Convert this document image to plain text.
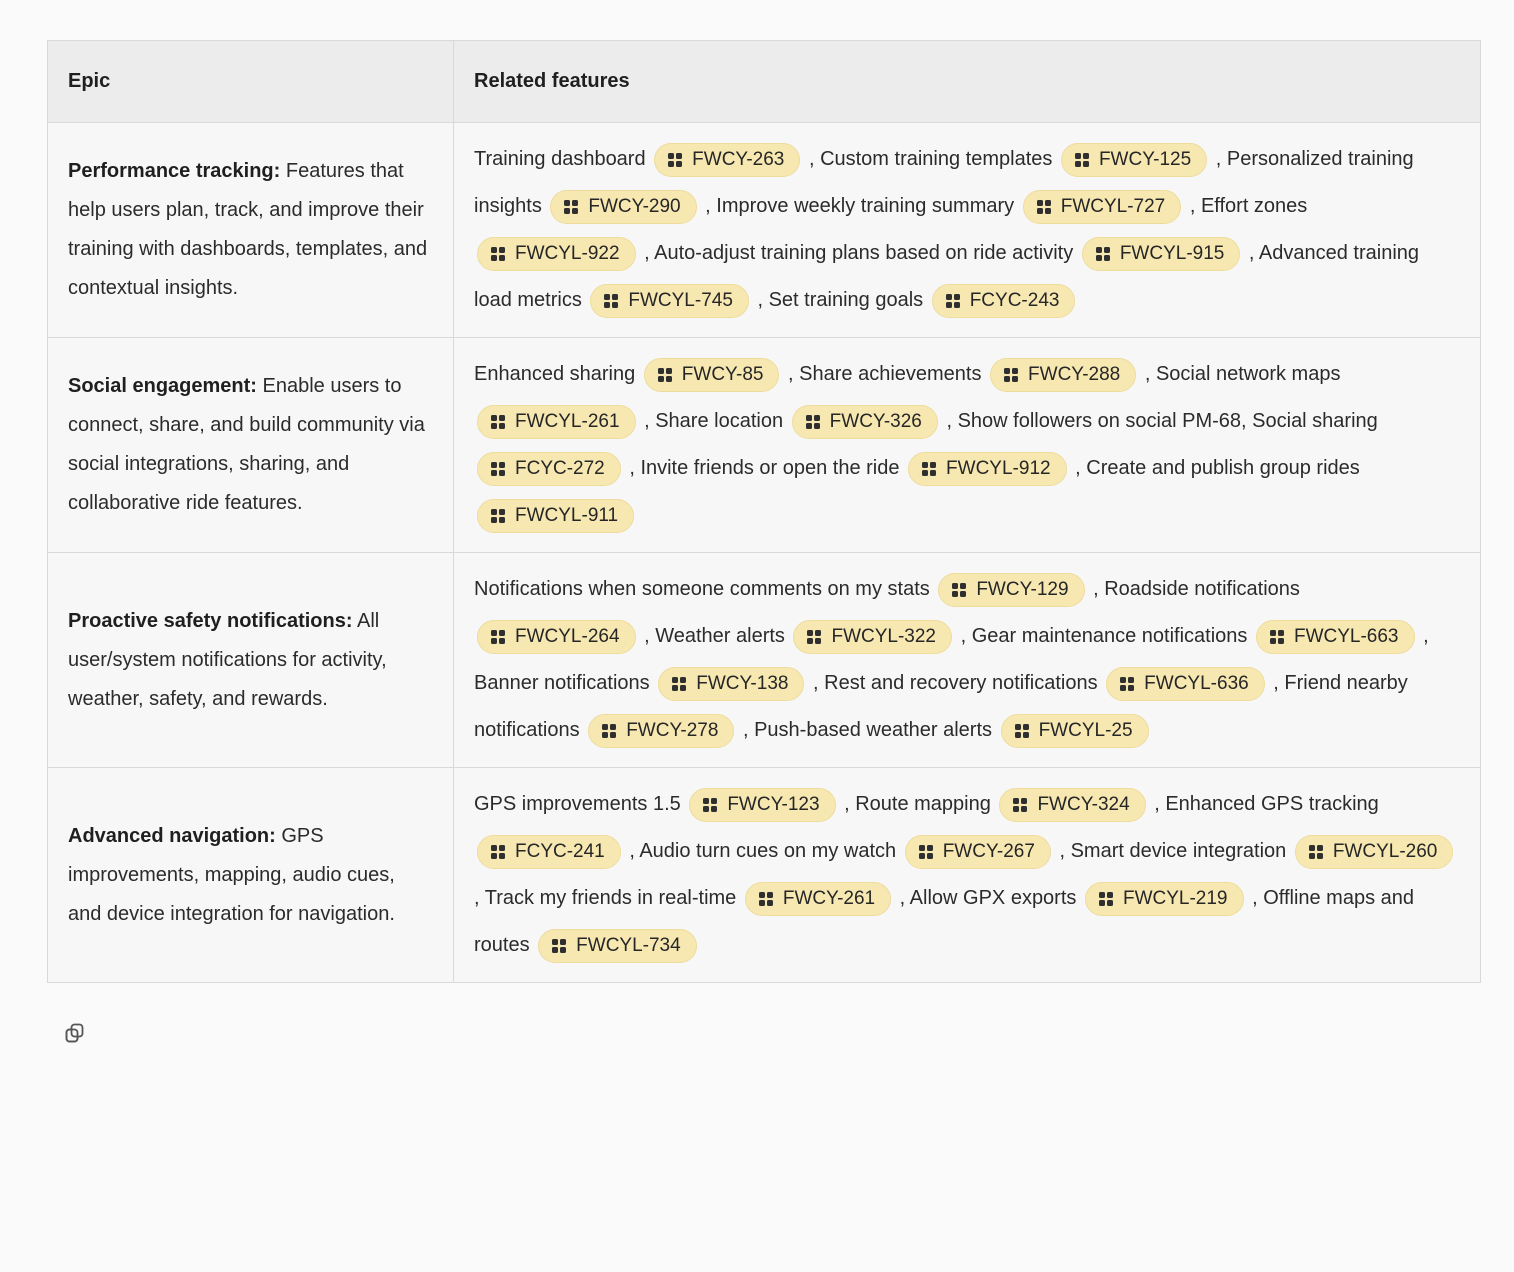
Epic	Related features
Performance tracking: Features that help users plan, track, and improve their training with dashboards, templates, and contextual insights.	Training dashboard FWCY-263 , Custom training templates FWCY-125 , Personalized training insights FWCY-290 , Improve weekly training summary FWCYL-727 , Effort zones
FWCYL-922 , Auto-adjust training plans based on ride activity FWCYL-915 , Advanced training load metrics FWCYL-745 , Set training goals FCYC-243

Social engagement: Enable users to connect, share, and build community via social integrations, sharing, and collaborative ride features.	Enhanced sharing FWCY-85 , Share achievements FWCY-288 , Social network maps
FWCYL-261 , Share location FWCY-326 , Show followers on social PM-68, Social sharing
FCYC-272 , Invite friends or open the ride FWCYL-912 , Create and publish group rides
FWCYL-911

Proactive safety notifications: All user/system notifications for activity, weather, safety, and rewards.	Notifications when someone comments on my stats FWCY-129 , Roadside notifications
FWCYL-264 , Weather alerts FWCYL-322 , Gear maintenance notifications FWCYL-663 , Banner notifications FWCY-138 , Rest and recovery notifications FWCYL-636 , Friend nearby notifications FWCY-278 , Push-based weather alerts FWCYL-25

Advanced navigation: GPS improvements, mapping, audio cues, and device integration for navigation.	GPS improvements 1.5 FWCY-123 , Route mapping FWCY-324 , Enhanced GPS tracking
FCYC-241 , Audio turn cues on my watch FWCY-267 , Smart device integration FWCYL-260
, Track my friends in real-time FWCY-261 , Allow GPX exports FWCYL-219 , Offline maps and routes FWCYL-734
